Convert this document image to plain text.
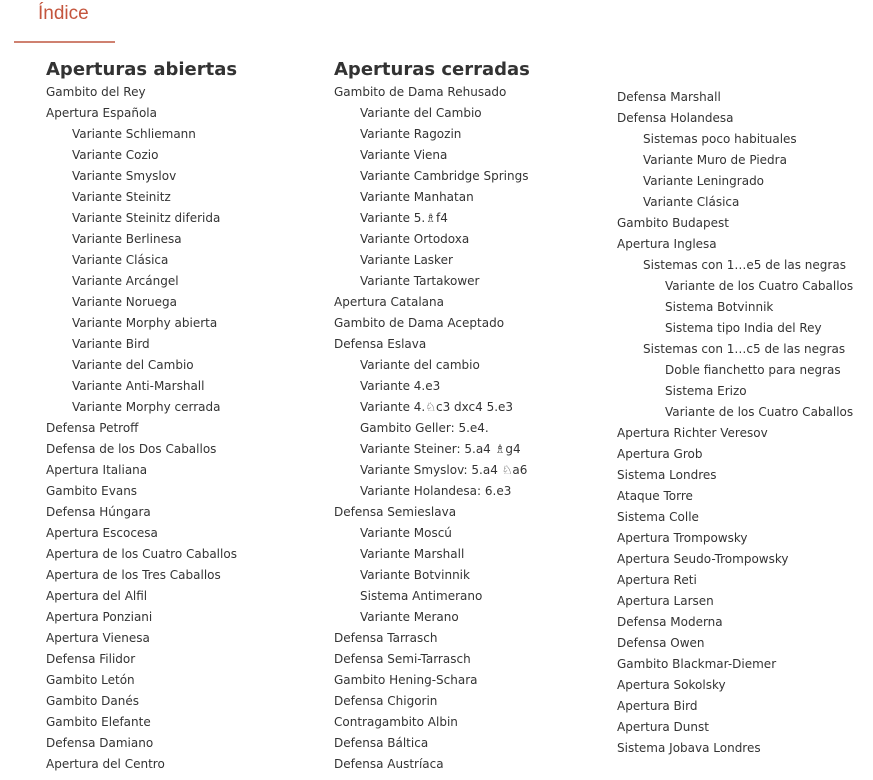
Índice
Aperturas abiertas
Gambito del Rey
Apertura Española
Variante Schliemann
Variante Cozio
Variante Smyslov
Variante Steinitz
Variante Steinitz diferida
Variante Berlinesa
Variante Clásica
Variante Arcángel
Variante Noruega
Variante Morphy abierta
Variante Bird
Variante del Cambio
Variante Anti-Marshall
Variante Morphy cerrada
Defensa Petroff
Defensa de los Dos Caballos
Apertura Italiana
Gambito Evans
Defensa Húngara
Apertura Escocesa
Apertura de los Cuatro Caballos
Apertura de los Tres Caballos
Apertura del Alfil
Apertura Ponziani
Apertura Vienesa
Defensa Filidor
Gambito Letón
Gambito Danés
Gambito Elefante
Defensa Damiano
Apertura del Centro
Aperturas cerradas
Gambito de Dama Rehusado
Variante del Cambio
Variante Ragozin
Variante Viena
Variante Cambridge Springs
Variante Manhatan
Variante 5.♗f4
Variante Ortodoxa
Variante Lasker
Variante Tartakower
Apertura Catalana
Gambito de Dama Aceptado
Defensa Eslava
Variante del cambio
Variante 4.e3
Variante 4.♘c3 dxc4 5.e3
Gambito Geller: 5.e4.
Variante Steiner: 5.a4 ♗g4
Variante Smyslov: 5.a4 ♘a6
Variante Holandesa: 6.e3
Defensa Semieslava
Variante Moscú
Variante Marshall
Variante Botvinnik
Sistema Antimerano
Variante Merano
Defensa Tarrasch
Defensa Semi-Tarrasch
Gambito Hening-Schara
Defensa Chigorin
Contragambito Albin
Defensa Báltica
Defensa Austríaca
Defensa Marshall
Defensa Holandesa
Sistemas poco habituales
Variante Muro de Piedra
Variante Leningrado
Variante Clásica
Gambito Budapest
Apertura Inglesa
Sistemas con 1…e5 de las negras
Variante de los Cuatro Caballos
Sistema Botvinnik
Sistema tipo India del Rey
Sistemas con 1…c5 de las negras
Doble fianchetto para negras
Sistema Erizo
Variante de los Cuatro Caballos
Apertura Richter Veresov
Apertura Grob
Sistema Londres
Ataque Torre
Sistema Colle
Apertura Trompowsky
Apertura Seudo-Trompowsky
Apertura Reti
Apertura Larsen
Defensa Moderna
Defensa Owen
Gambito Blackmar-Diemer
Apertura Sokolsky
Apertura Bird
Apertura Dunst
Sistema Jobava Londres
